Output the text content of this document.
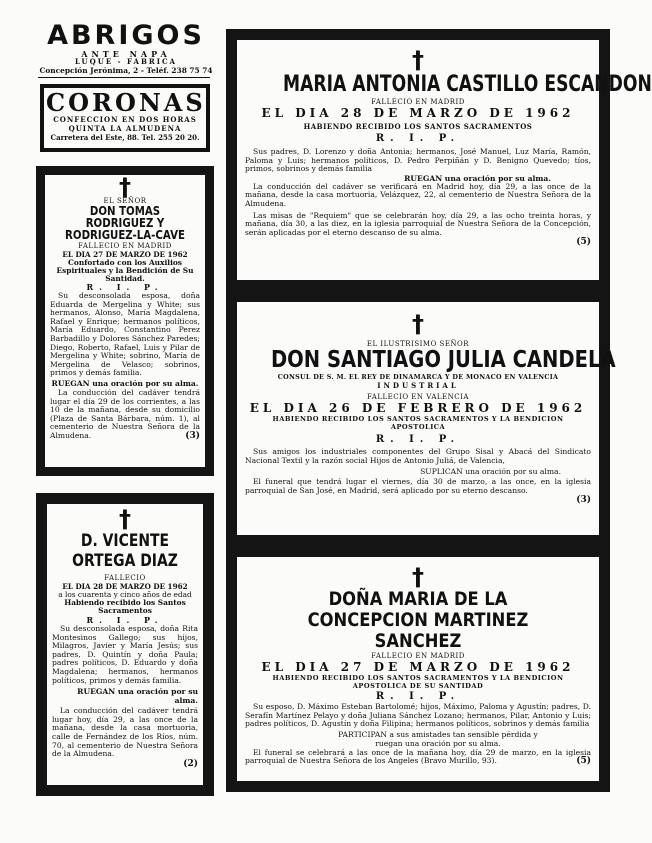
ABRIGOS
ANTE NAPA
LUQUE - FABRICA
Concepción Jerónima, 2 - Teléf. 238 75 74
CORONAS
CONFECCION EN DOS HORAS
QUINTA LA ALMUDENA
Carretera del Este, 88. Tel. 255 20 20.
†
EL SEÑOR
DON TOMAS RODRIGUEZ Y RODRIGUEZ-LA-CAVE
FALLECIO EN MADRID
EL DIA 27 DE MARZO DE 1962
Confortado con los Auxilios Espirituales y la Bendición de Su Santidad.
R. I. P.
Su desconsolada esposa, doña Eduarda de Mergelina y White; sus hermanos, Alonso, María Magdalena, Rafael y Enrique; hermanos políticos, María Eduardo, Constantino Perez Barbadillo y Dolores Sánchez Paredes; Diego, Roberto, Rafael, Luis y Pilar de Mergelina y White; sobrino, María de Mergelina de Velasco; sobrinos, primos y demás familia.
RUEGAN una oración por su alma.
La conducción del cadáver tendrá lugar el día 29 de los corrientes, a las 10 de la mañana, desde su domicilio (Plaza de Santa Bárbara, núm. 1), al cementerio de Nuestra Señora de la Almudena.	(3)
†
D. VICENTE ORTEGA DIAZ
FALLECIO
EL DIA 28 DE MARZO DE 1962
a los cuarenta y cinco años de edad
Habiendo recibido los Santos Sacramentos
R. I. P.
Su desconsolada esposa, doña Rita Montesinos Gallego; sus hijos, Milagros, Javier y María Jesús; sus padres, D. Quintín y doña Paula; padres políticos, D. Eduardo y doña Magdalena; hermanos, hermanos políticos, primos y demás familia.
RUEGAN una oración por su alma.
La conducción del cadáver tendrá lugar hoy, día 29, a las once de la mañana, desde la casa mortuoria, calle de Fernández de los Ríos, núm. 70, al cementerio de Nuestra Señora de la Almudena.
(2)
†
MARIA ANTONIA CASTILLO ESCANDON
FALLECIO EN MADRID
EL DIA 28 DE MARZO DE 1962
HABIENDO RECIBIDO LOS SANTOS SACRAMENTOS
R. I. P.
Sus padres, D. Lorenzo y doña Antonia; hermanos, José Manuel, Luz María, Ramón, Paloma y Luis; hermanos políticos, D. Pedro Perpiñán y D. Benigno Quevedo; tíos, primos, sobrinos y demás familia
RUEGAN una oración por su alma.
La conducción del cadáver se verificará en Madrid hoy, día 29, a las once de la mañana, desde la casa mortuoria, Velázquez, 22, al cementerio de Nuestra Señora de la Almudena.
Las misas de "Requiem" que se celebrarán hoy, día 29, a las ocho treinta horas, y mañana, día 30, a las diez, en la iglesia parroquial de Nuestra Señora de la Concepción, serán aplicadas por el eterno descanso de su alma.
(5)
†
EL ILUSTRISIMO SEÑOR
DON SANTIAGO JULIA CANDELA
CONSUL DE S. M. EL REY DE DINAMARCA Y DE MONACO EN VALENCIA
INDUSTRIAL
FALLECIO EN VALENCIA
EL DIA 26 DE FEBRERO DE 1962
HABIENDO RECIBIDO LOS SANTOS SACRAMENTOS Y LA BENDICION APOSTOLICA
R. I. P.
Sus amigos los industriales componentes del Grupo Sisal y Abacá del Sindicato Nacional Textil y la razón social Hijos de Antonio Juliá, de Valencia,
SUPLICAN una oración por su alma.
El funeral que tendrá lugar el viernes, día 30 de marzo, a las once, en la iglesia parroquial de San José, en Madrid, será aplicado por su eterno descanso.
(3)
†
DOÑA MARIA DE LA CONCEPCION MARTINEZ SANCHEZ
FALLECIO EN MADRID
EL DIA 27 DE MARZO DE 1962
HABIENDO RECIBIDO LOS SANTOS SACRAMENTOS Y LA BENDICION APOSTOLICA DE SU SANTIDAD
R. I. P.
Su esposo, D. Máximo Esteban Bartolomé; hijos, Máximo, Paloma y Agustín; padres, D. Serafín Martínez Pelayo y doña Juliana Sánchez Lozano; hermanos, Pilar, Antonio y Luis; padres políticos, D. Agustín y doña Filipina; hermanos políticos, sobrinos y demás familia
PARTICIPAN a sus amistades tan sensible pérdida y ruegan una oración por su alma.
El funeral se celebrará a las once de la mañana hoy, día 29 de marzo, en la iglesia parroquial de Nuestra Señora de los Angeles (Bravo Murillo, 93).	(5)
